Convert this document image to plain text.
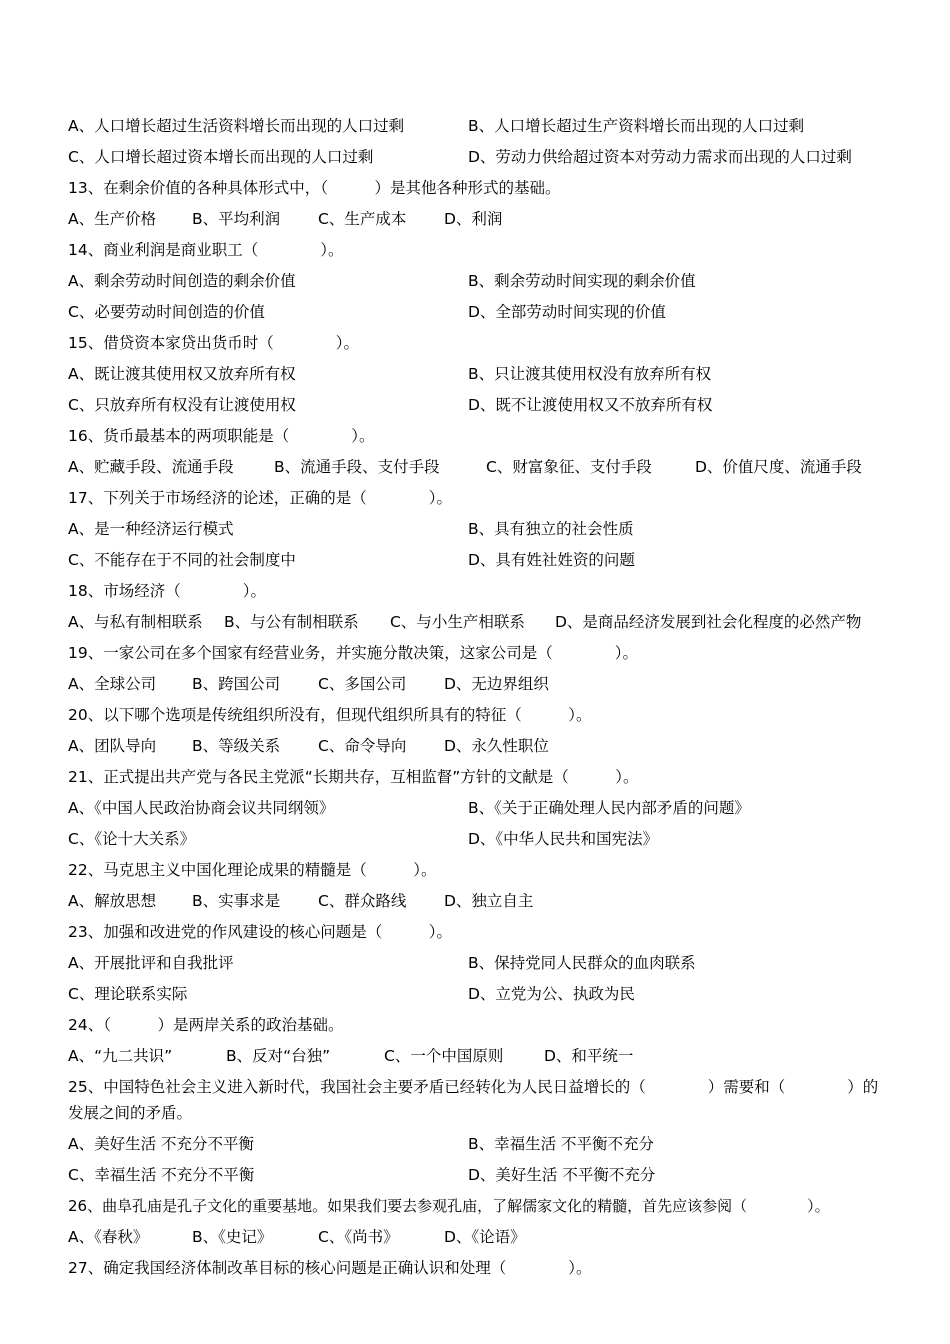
A、人口增长超过生活资料增长而出现的人口过剩	B、人口增长超过生产资料增长而出现的人口过剩
C、人口增长超过资本增长而出现的人口过剩	D、劳动力供给超过资本对劳动力需求而出现的人口过剩
13、在剩余价值的各种具体形式中，（　　　）是其他各种形式的基础。
A、生产价格 B、平均利润 C、生产成本 D、利润
14、商业利润是商业职工（　　　　）。
A、剩余劳动时间创造的剩余价值	B、剩余劳动时间实现的剩余价值
C、必要劳动时间创造的价值	D、全部劳动时间实现的价值
15、借贷资本家贷出货币时（　　　　）。
A、既让渡其使用权又放弃所有权	B、只让渡其使用权没有放弃所有权
C、只放弃所有权没有让渡使用权	D、既不让渡使用权又不放弃所有权
16、货币最基本的两项职能是（　　　　）。
A、贮藏手段、流通手段	B、流通手段、支付手段	C、财富象征、支付手段	D、价值尺度、流通手段
17、下列关于市场经济的论述，正确的是（　　　　）。
A、是一种经济运行模式	B、具有独立的社会性质
C、不能存在于不同的社会制度中	D、具有姓社姓资的问题
18、市场经济（　　　　）。
A、与私有制相联系 B、与公有制相联系 C、与小生产相联系 D、是商品经济发展到社会化程度的必然产物
19、一家公司在多个国家有经营业务，并实施分散决策，这家公司是（　　　　）。
A、全球公司 B、跨国公司 C、多国公司 D、无边界组织
20、以下哪个选项是传统组织所没有，但现代组织所具有的特征（　　　）。
A、团队导向 B、等级关系 C、命令导向 D、永久性职位
21、正式提出共产党与各民主党派“长期共存，互相监督”方针的文献是（　　　）。
A、《中国人民政治协商会议共同纲领》	B、《关于正确处理人民内部矛盾的问题》
C、《论十大关系》	D、《中华人民共和国宪法》
22、马克思主义中国化理论成果的精髓是（　　　）。
A、解放思想 B、实事求是 C、群众路线 D、独立自主
23、加强和改进党的作风建设的核心问题是（　　　）。
A、开展批评和自我批评	B、保持党同人民群众的血肉联系
C、理论联系实际	D、立党为公、执政为民
24、（　　　）是两岸关系的政治基础。
A、“九二共识”	B、反对“台独”	C、一个中国原则	D、和平统一
25、中国特色社会主义进入新时代，我国社会主要矛盾已经转化为人民日益增长的（　　　　）需要和（　　　　）的发展之间的矛盾。
A、美好生活 不充分不平衡	B、幸福生活 不平衡不充分
C、幸福生活 不充分不平衡	D、美好生活 不平衡不充分
26、曲阜孔庙是孔子文化的重要基地。如果我们要去参观孔庙，了解儒家文化的精髓，首先应该参阅（　　　　）。
A、《春秋》	B、《史记》	C、《尚书》	D、《论语》
27、确定我国经济体制改革目标的核心问题是正确认识和处理（　　　　）。
